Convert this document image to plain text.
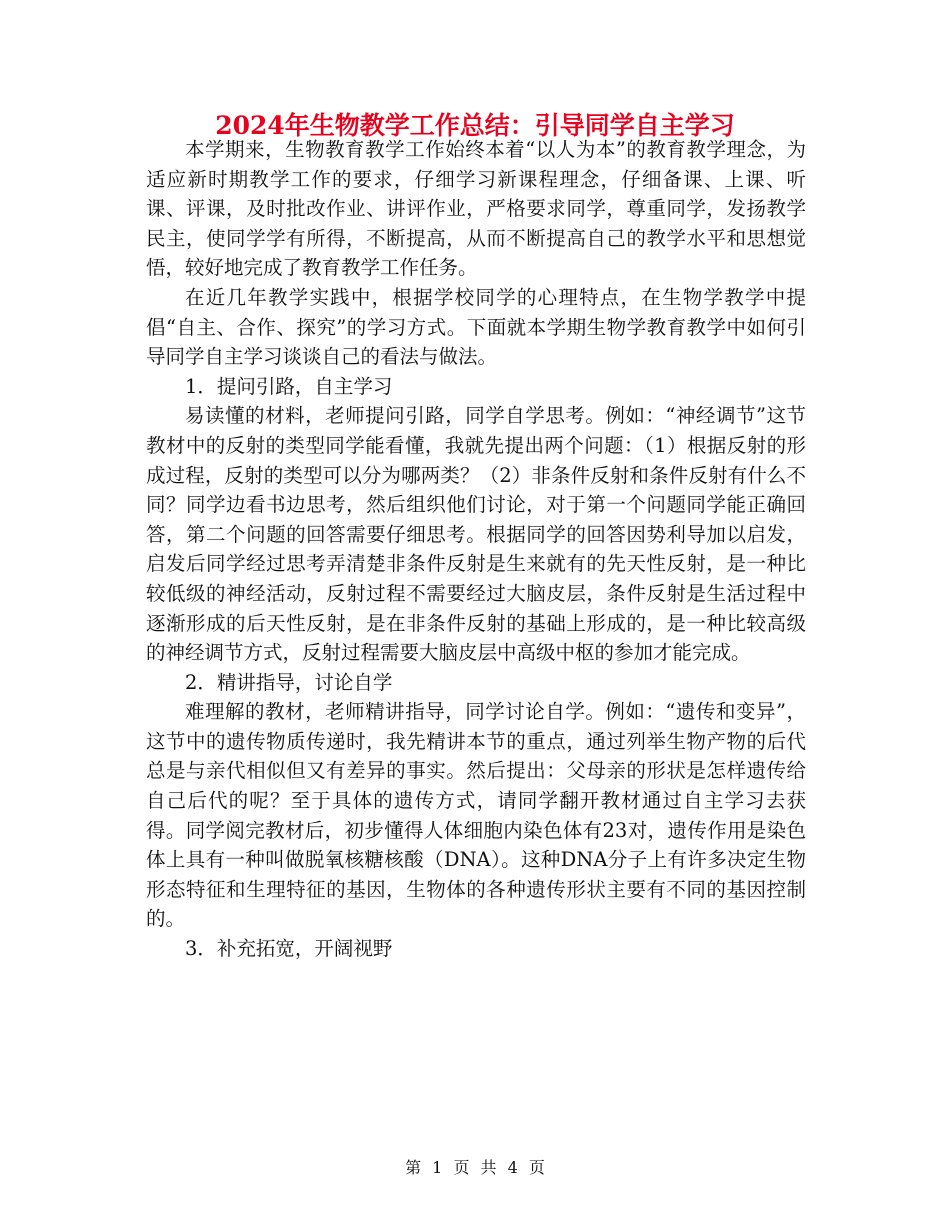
2024年生物教学工作总结：引导同学自主学习

本学期来，生物教育教学工作始终本着“以人为本”的教育教学理念，为适应新时期教学工作的要求，仔细学习新课程理念，仔细备课、上课、听课、评课，及时批改作业、讲评作业，严格要求同学，尊重同学，发扬教学民主，使同学学有所得，不断提高，从而不断提高自己的教学水平和思想觉悟，较好地完成了教育教学工作任务。

在近几年教学实践中，根据学校同学的心理特点，在生物学教学中提倡“自主、合作、探究”的学习方式。下面就本学期生物学教育教学中如何引导同学自主学习谈谈自己的看法与做法。

1．提问引路，自主学习

易读懂的材料，老师提问引路，同学自学思考。例如：“神经调节”这节教材中的反射的类型同学能看懂，我就先提出两个问题：（1）根据反射的形成过程，反射的类型可以分为哪两类？（2）非条件反射和条件反射有什么不同？同学边看书边思考，然后组织他们讨论，对于第一个问题同学能正确回答，第二个问题的回答需要仔细思考。根据同学的回答因势利导加以启发，启发后同学经过思考弄清楚非条件反射是生来就有的先天性反射，是一种比较低级的神经活动，反射过程不需要经过大脑皮层，条件反射是生活过程中逐渐形成的后天性反射，是在非条件反射的基础上形成的，是一种比较高级的神经调节方式，反射过程需要大脑皮层中高级中枢的参加才能完成。

2．精讲指导，讨论自学

难理解的教材，老师精讲指导，同学讨论自学。例如：“遗传和变异”，这节中的遗传物质传递时，我先精讲本节的重点，通过列举生物产物的后代总是与亲代相似但又有差异的事实。然后提出：父母亲的形状是怎样遗传给自己后代的呢？至于具体的遗传方式，请同学翻开教材通过自主学习去获得。同学阅完教材后，初步懂得人体细胞内染色体有23对，遗传作用是染色体上具有一种叫做脱氧核糖核酸（DNA）。这种DNA分子上有许多决定生物形态特征和生理特征的基因，生物体的各种遗传形状主要有不同的基因控制的。

3．补充拓宽，开阔视野

第 1 页 共 4 页
